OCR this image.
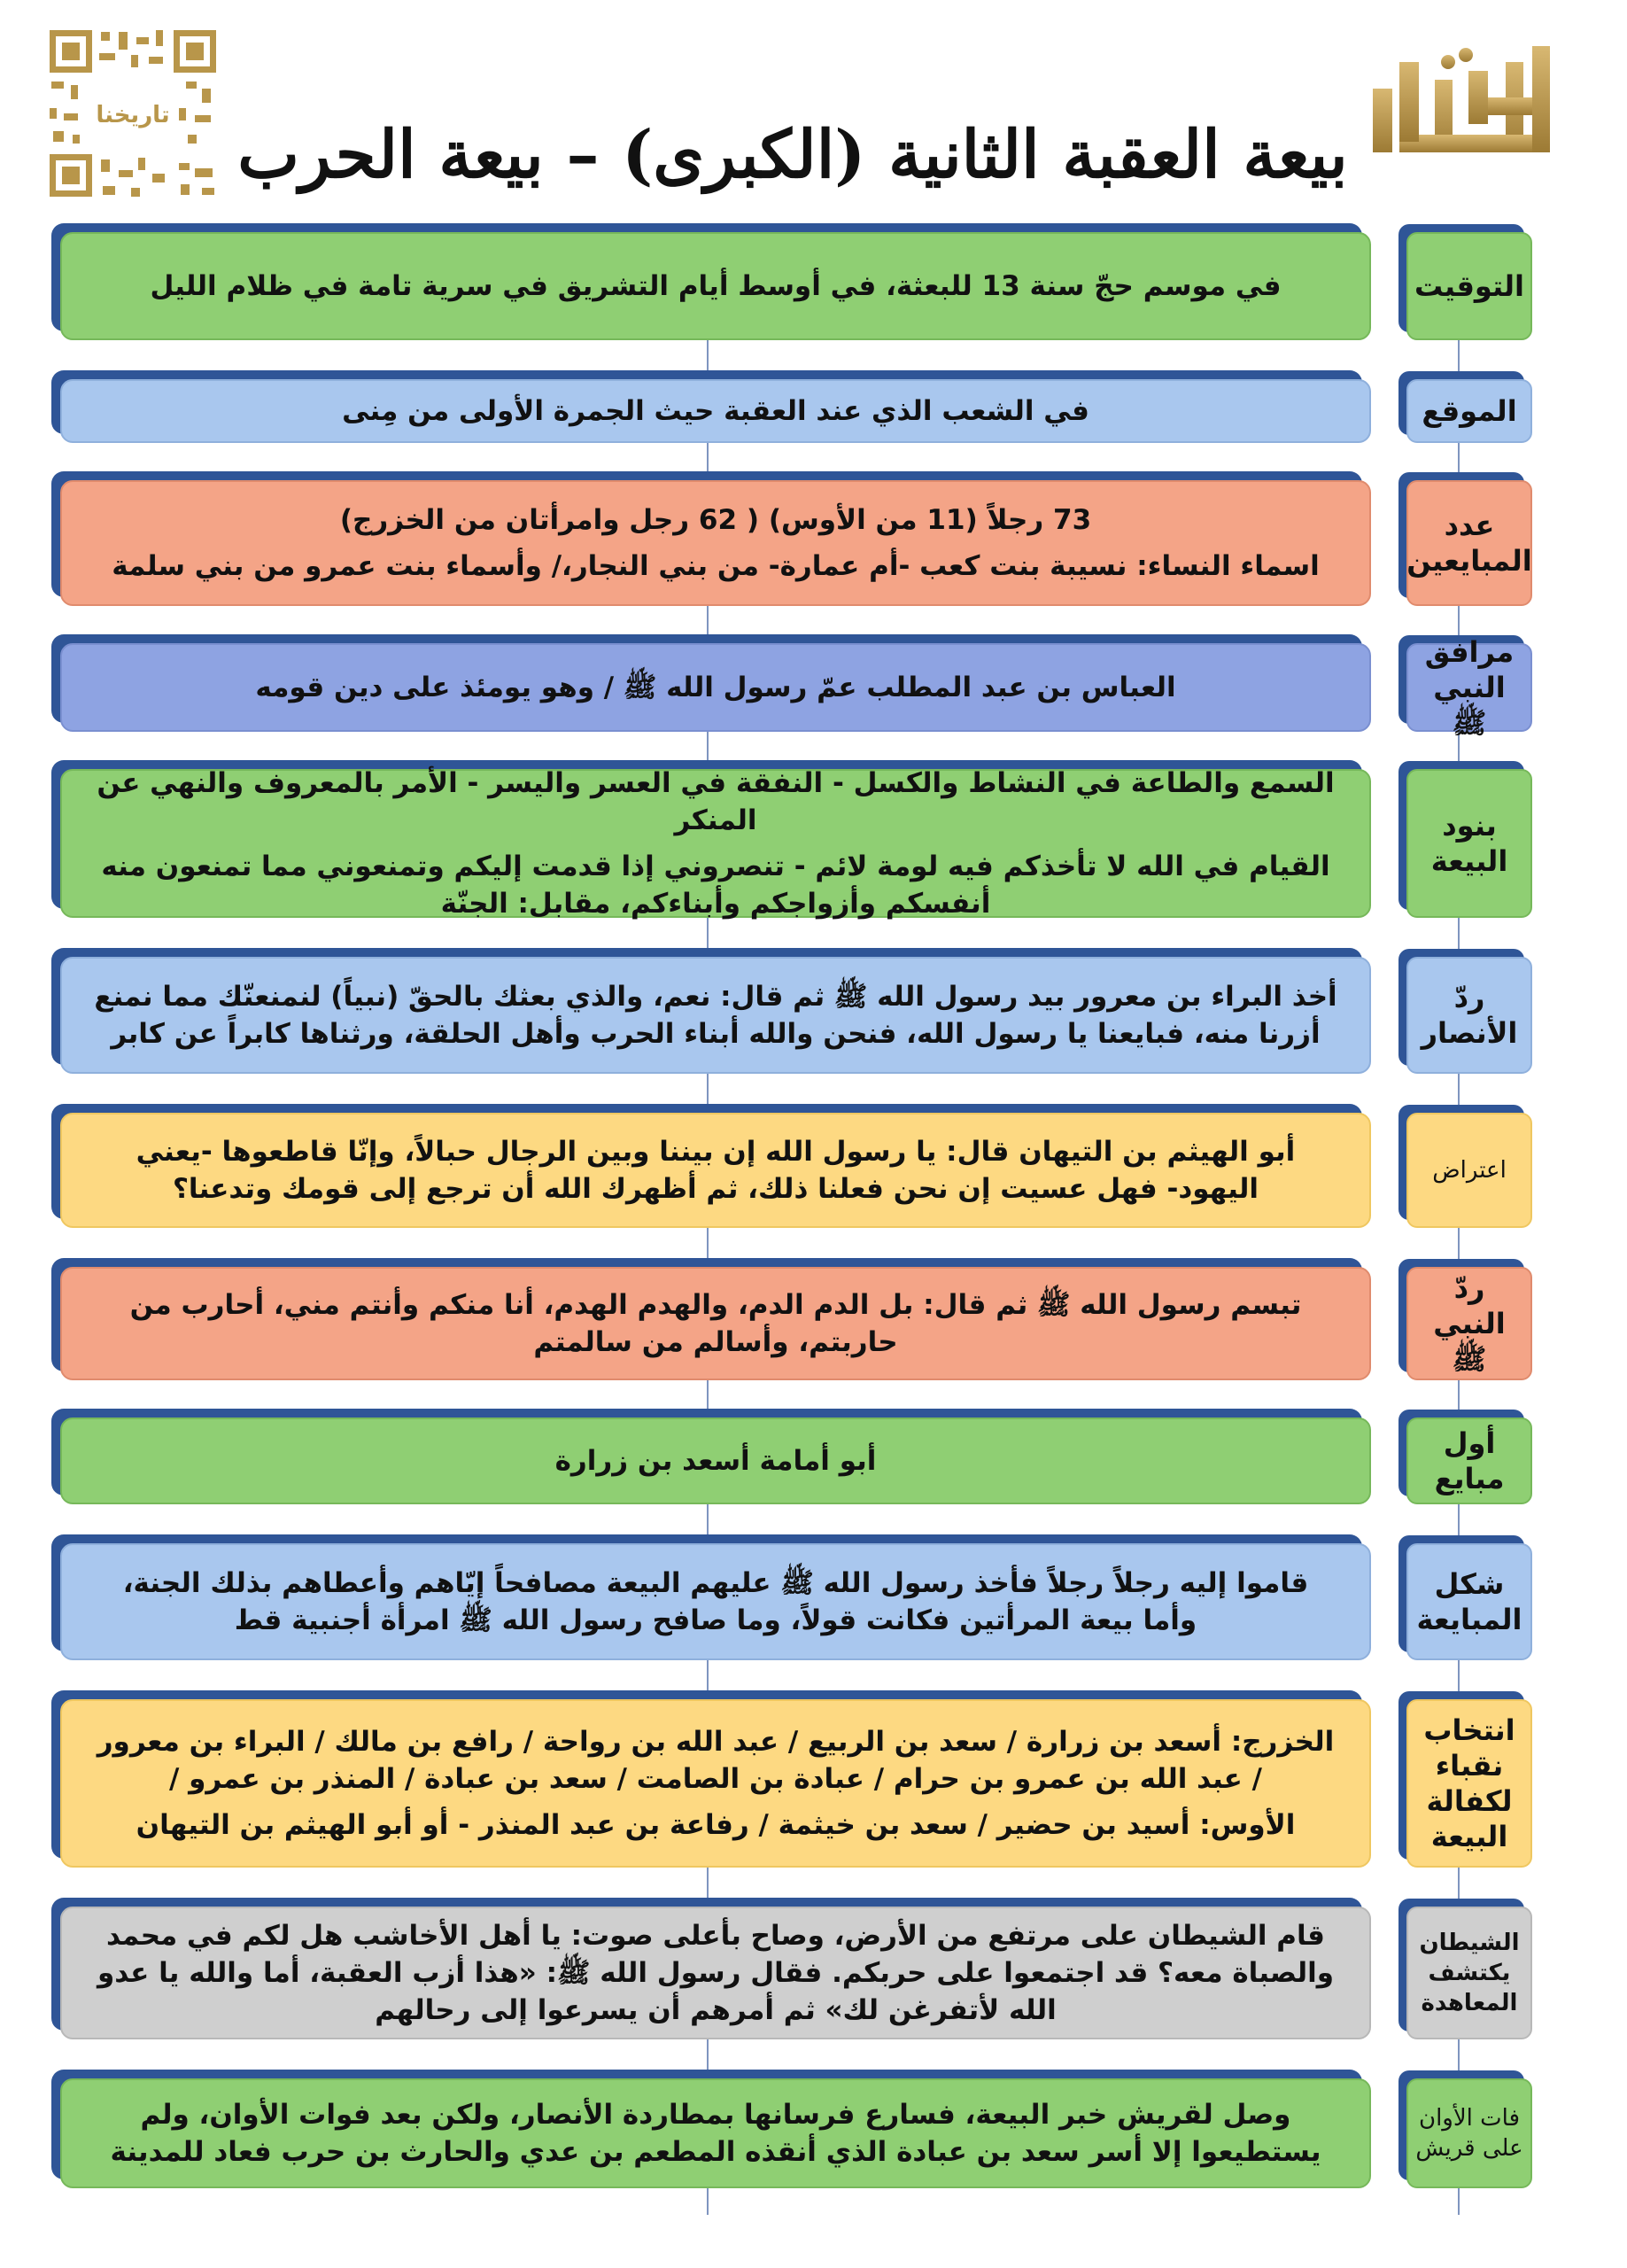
تاريخنا
بيعة العقبة الثانية (الكبرى) – بيعة الحرب
في موسم حجّ سنة 13 للبعثة، في أوسط أيام التشريق في سرية تامة في ظلام الليل	التوقيت
في الشعب الذي عند العقبة حيث الجمرة الأولى من مِنى	الموقع
73 رجلاً (11 من الأوس) ( 62 رجل وامرأتان من الخزرج)
اسماء النساء: نسيبة بنت كعب -أم عمارة- من بني النجار،/ وأسماء بنت عمرو من بني سلمة
عدد المبايعين
العباس بن عبد المطلب عمّ رسول الله ﷺ / وهو يومئذ على دين قومه
مرافق النبي ﷺ
السمع والطاعة في النشاط والكسل - النفقة في العسر واليسر - الأمر بالمعروف والنهي عن المنكر
القيام في الله لا تأخذكم فيه لومة لائم - تنصروني إذا قدمت إليكم وتمنعوني مما تمنعون منه أنفسكم وأزواجكم وأبناءكم، مقابل: الجنّة
بنود البيعة
أخذ البراء بن معرور بيد رسول الله ﷺ ثم قال: نعم، والذي بعثك بالحقّ (نبياً) لنمنعنّك مما نمنع أزرنا منه، فبايعنا يا رسول الله، فنحن والله أبناء الحرب وأهل الحلقة، ورثناها كابراً عن كابر
ردّ الأنصار
أبو الهيثم بن التيهان قال: يا رسول الله إن بيننا وبين الرجال حبالاً، وإنّا قاطعوها -يعني اليهود- فهل عسيت إن نحن فعلنا ذلك، ثم أظهرك الله أن ترجع إلى قومك وتدعنا؟
اعتراض
تبسم رسول الله ﷺ ثم قال: بل الدم الدم، والهدم الهدم، أنا منكم وأنتم مني، أحارب من حاربتم، وأسالم من سالمتم
ردّ النبي ﷺ
أبو أمامة أسعد بن زرارة
أول مبايع
قاموا إليه رجلاً رجلاً فأخذ رسول الله ﷺ عليهم البيعة مصافحاً إيّاهم وأعطاهم بذلك الجنة، وأما بيعة المرأتين فكانت قولاً، وما صافح رسول الله ﷺ امرأة أجنبية قط
شكل المبايعة
الخزرج: أسعد بن زرارة / سعد بن الربيع / عبد الله بن رواحة / رافع بن مالك / البراء بن معرور / عبد الله بن عمرو بن حرام / عبادة بن الصامت / سعد بن عبادة / المنذر بن عمرو /
الأوس: أسيد بن حضير / سعد بن خيثمة / رفاعة بن عبد المنذر - أو أبو الهيثم بن التيهان
انتخاب نقباء لكفالة البيعة
قام الشيطان على مرتفع من الأرض، وصاح بأعلى صوت: يا أهل الأخاشب هل لكم في محمد والصباة معه؟ قد اجتمعوا على حربكم. فقال رسول الله ﷺ: «هذا أزب العقبة، أما والله يا عدو الله لأتفرغن لك» ثم أمرهم أن يسرعوا إلى رحالهم
الشيطان يكتشف المعاهدة
وصل لقريش خبر البيعة، فسارع فرسانها بمطاردة الأنصار، ولكن بعد فوات الأوان، ولم يستطيعوا إلا أسر سعد بن عبادة الذي أنقذه المطعم بن عدي والحارث بن حرب فعاد للمدينة
فات الأوان على قريش
